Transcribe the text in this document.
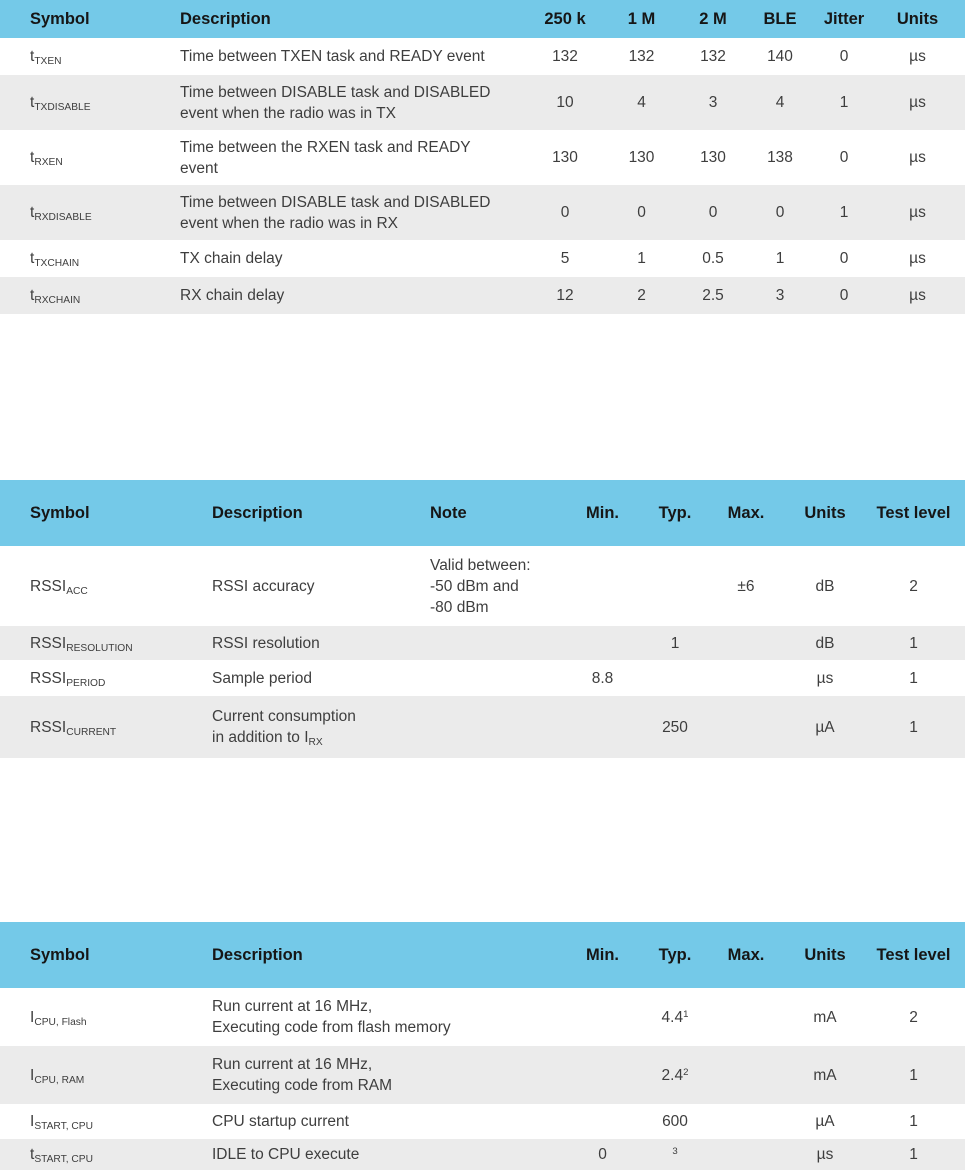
Symbol	Description	250 k	1 M	2 M	BLE	Jitter	Units
$t_{TXEN}$	Time between TXEN task and READY event	132	132	132	140	0	µs
$t_{TXDISABLE}$	Time between DISABLE task and DISABLED
event when the radio was in TX	10	4	3	4	1	µs
$t_{RXEN}$	Time between the RXEN task and READY
event	130	130	130	138	0	µs
$t_{RXDISABLE}$	Time between DISABLE task and DISABLED
event when the radio was in RX	0	0	0	0	1	µs
$t_{TXCHAIN}$	TX chain delay	5	1	0.5	1	0	µs
$t_{RXCHAIN}$	RX chain delay	12	2	2.5	3	0	µs
Symbol	Description	Note	Min.	Typ.	Max.	Units	Test level
$RSSI_{ACC}$	RSSI accuracy	Valid between:
-50 dBm and
-80 dBm			±6	dB	2
$RSSI_{RESOLUTION}$	RSSI resolution			1		dB	1
$RSSI_{PERIOD}$	Sample period		8.8			µs	1
$RSSI_{CURRENT}$	Current consumption
in addition to $I_{RX}$			250		µA	1
Symbol	Description	Min.	Typ.	Max.	Units	Test level
$I_{CPU, Flash}$	Run current at 16 MHz,
Executing code from flash memory		$4.4^1$		mA	2
$I_{CPU, RAM}$	Run current at 16 MHz,
Executing code from RAM		$2.4^2$		mA	1
$I_{START, CPU}$	CPU startup current		600		µA	1
$t_{START, CPU}$	IDLE to CPU execute	0	$^3$		µs	1
